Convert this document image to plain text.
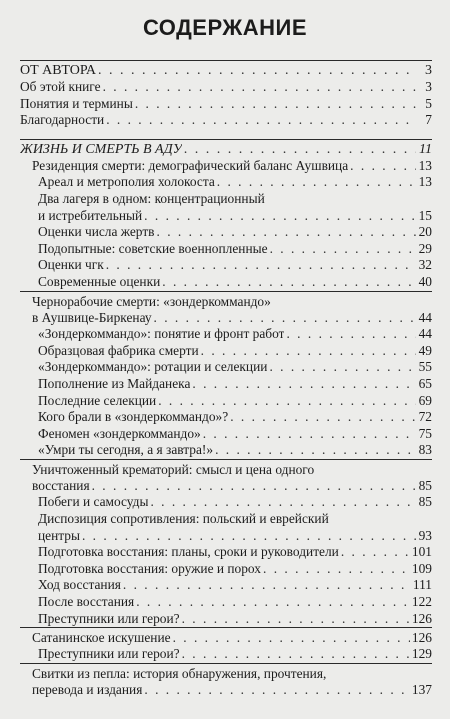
СОДЕРЖАНИЕ
ОТ АВТОРА . . .	3
Об этой книге . . .	3
Понятия и термины . . .	5
Благодарности . . .	7
ЖИЗНЬ И СМЕРТЬ В АДУ . . .	11
Резиденция смерти: демографический баланс Аушвица . . .	13
Ареал и метрополия холокоста . . .	13
Два лагеря в одном: концентрационный
и истребительный . . .	15
Оценки числа жертв . . .	20
Подопытные: советские военнопленные . . .	29
Оценки чгк . . .	32
Современные оценки . . .	40
Чернорабочие смерти: «зондеркоммандо»
в Аушвице-Биркенау . . .	44
«Зондеркоммандо»: понятие и фронт работ . . .	44
Образцовая фабрика смерти . . .	49
«Зондеркоммандо»: ротации и селекции . . .	55
Пополнение из Майданека . . .	65
Последние селекции . . .	69
Кого брали в «зондеркоммандо»? . . .	72
Феномен «зондеркоммандо» . . .	75
«Умри ты сегодня, а я завтра!» . . .	83
Уничтоженный крематорий: смысл и цена одного
восстания . . .	85
Побеги и самосуды . . .	85
Диспозиция сопротивления: польский и еврейский
центры . . .	93
Подготовка восстания: планы, сроки и руководители . . .	101
Подготовка восстания: оружие и порох . . .	109
Ход восстания . . .	111
После восстания . . .	122
Преступники или герои? . . .	126
Сатанинское искушение . . .	126
Преступники или герои? . . .	129
Свитки из пепла: история обнаружения, прочтения,
перевода и издания . . .	137
